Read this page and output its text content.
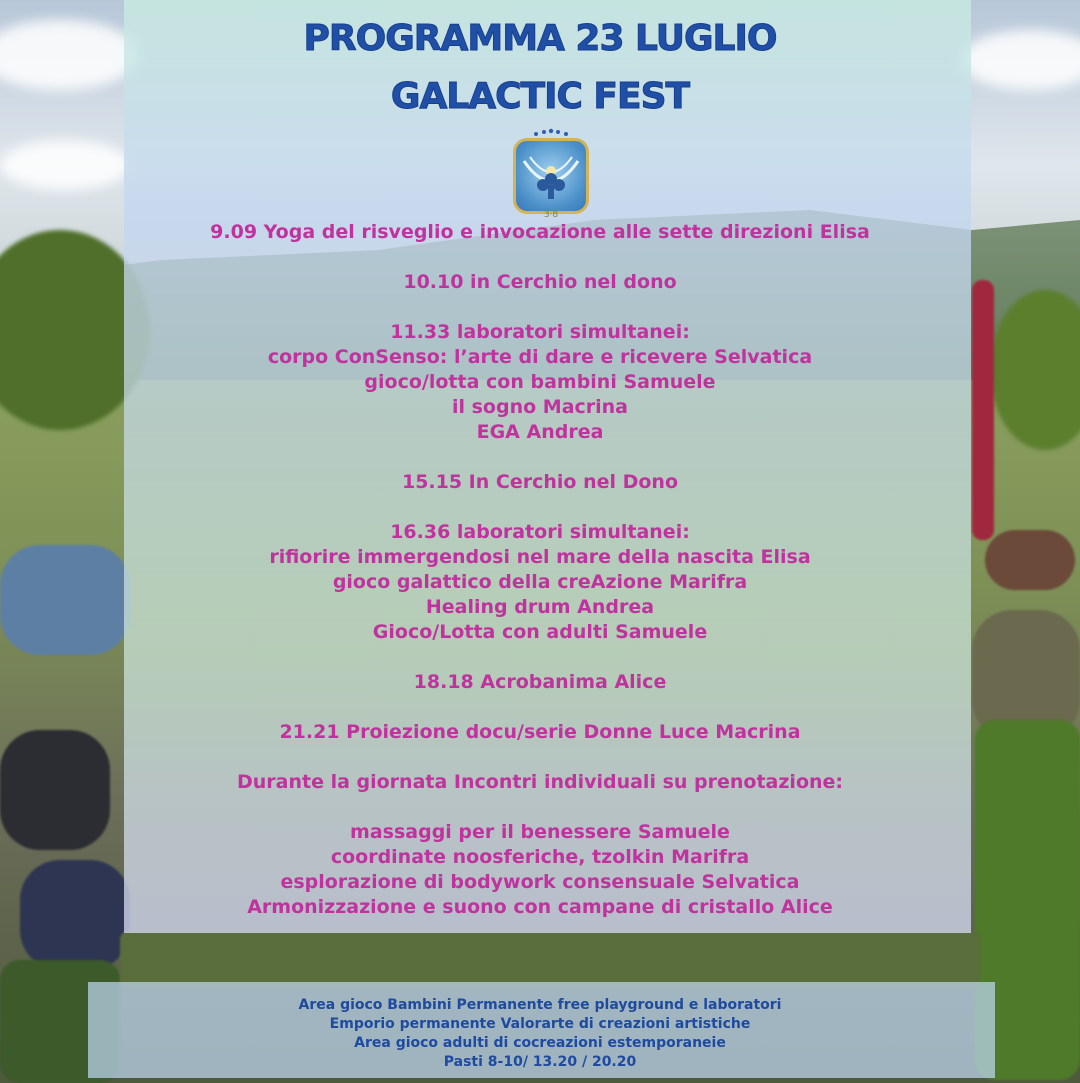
PROGRAMMA 23 LUGLIO
GALACTIC FEST
3·8
9.09 Yoga del risveglio e invocazione alle sette direzioni Elisa
10.10 in Cerchio nel dono
11.33 laboratori simultanei:
corpo ConSenso: l’arte di dare e ricevere Selvatica
gioco/lotta con bambini Samuele
il sogno Macrina
EGA Andrea
15.15 In Cerchio nel Dono
16.36 laboratori simultanei:
rifiorire immergendosi nel mare della nascita Elisa
gioco galattico della creAzione Marifra
Healing drum Andrea
Gioco/Lotta con adulti Samuele
18.18 Acrobanima Alice
21.21 Proiezione docu/serie Donne Luce Macrina
Durante la giornata Incontri individuali su prenotazione:
massaggi per il benessere Samuele
coordinate noosferiche, tzolkin Marifra
esplorazione di bodywork consensuale Selvatica
Armonizzazione e suono con campane di cristallo Alice
Area gioco Bambini Permanente free playground e laboratori
Emporio permanente Valorarte di creazioni artistiche
Area gioco adulti di cocreazioni estemporaneie
Pasti 8-10/ 13.20 / 20.20
